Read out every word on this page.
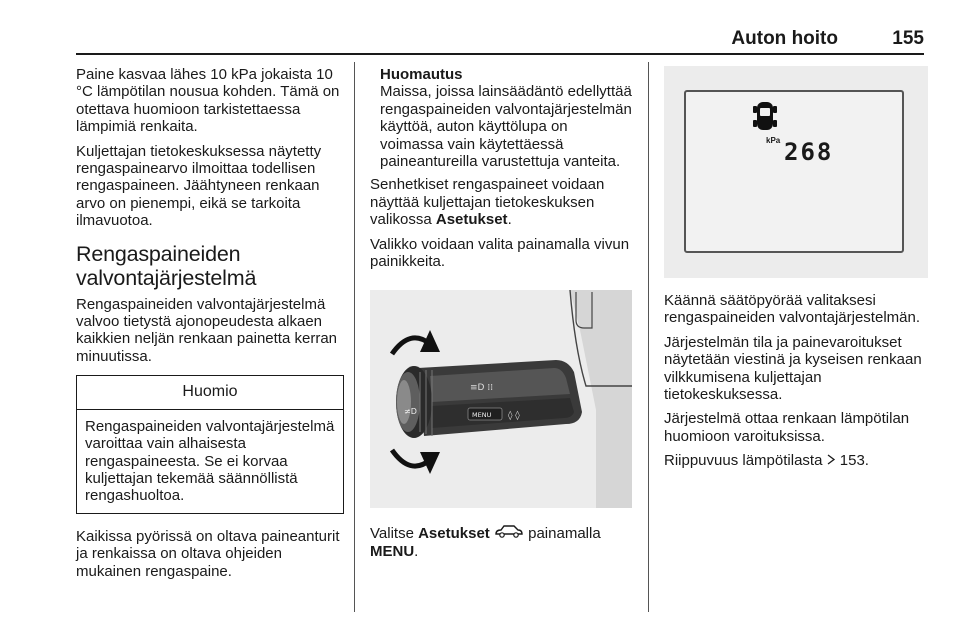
Auton hoito	155

Paine kasvaa lähes 10 kPa jokaista 10 °C lämpötilan nousua kohden. Tämä on otettava huomioon tarkistettaessa lämpimiä renkaita.

Kuljettajan tietokeskuksessa näytetty rengaspainearvo ilmoittaa todellisen rengaspaineen. Jäähtyneen renkaan arvo on pienempi, eikä se tarkoita ilmavuotoa.

Rengaspaineiden valvontajärjestelmä

Rengaspaineiden valvontajärjestelmä valvoo tietystä ajonopeudesta alkaen kaikkien neljän renkaan painetta kerran minuutissa.

Huomio
Rengaspaineiden valvontajärjestelmä varoittaa vain alhaisesta rengaspaineesta. Se ei korvaa kuljettajan tekemää säännöllistä rengashuoltoa.

Kaikissa pyörissä on oltava paineanturit ja renkaissa on oltava ohjeiden mukainen rengaspaine.

Huomautus
Maissa, joissa lainsäädäntö edellyttää rengaspaineiden valvontajärjestelmän käyttöä, auton käyttölupa on voimassa vain käytettäessä paineantureilla varustettuja vanteita.

Senhetkiset rengaspaineet voidaan näyttää kuljettajan tietokeskuksen valikossa Asetukset.

Valikko voidaan valita painamalla vivun painikkeita.

≡D ⁞⁞
≠D	MENU ◊ ◊

Valitse Asetukset  painamalla
MENU.

kPa 268

Käännä säätöpyörää valitaksesi rengaspaineiden valvontajärjestelmän.

Järjestelmän tila ja painevaroitukset näytetään viestinä ja kyseisen renkaan vilkkumisena kuljettajan tietokeskuksessa.

Järjestelmä ottaa renkaan lämpötilan huomioon varoituksissa.

Riippuvuus lämpötilasta  153.
